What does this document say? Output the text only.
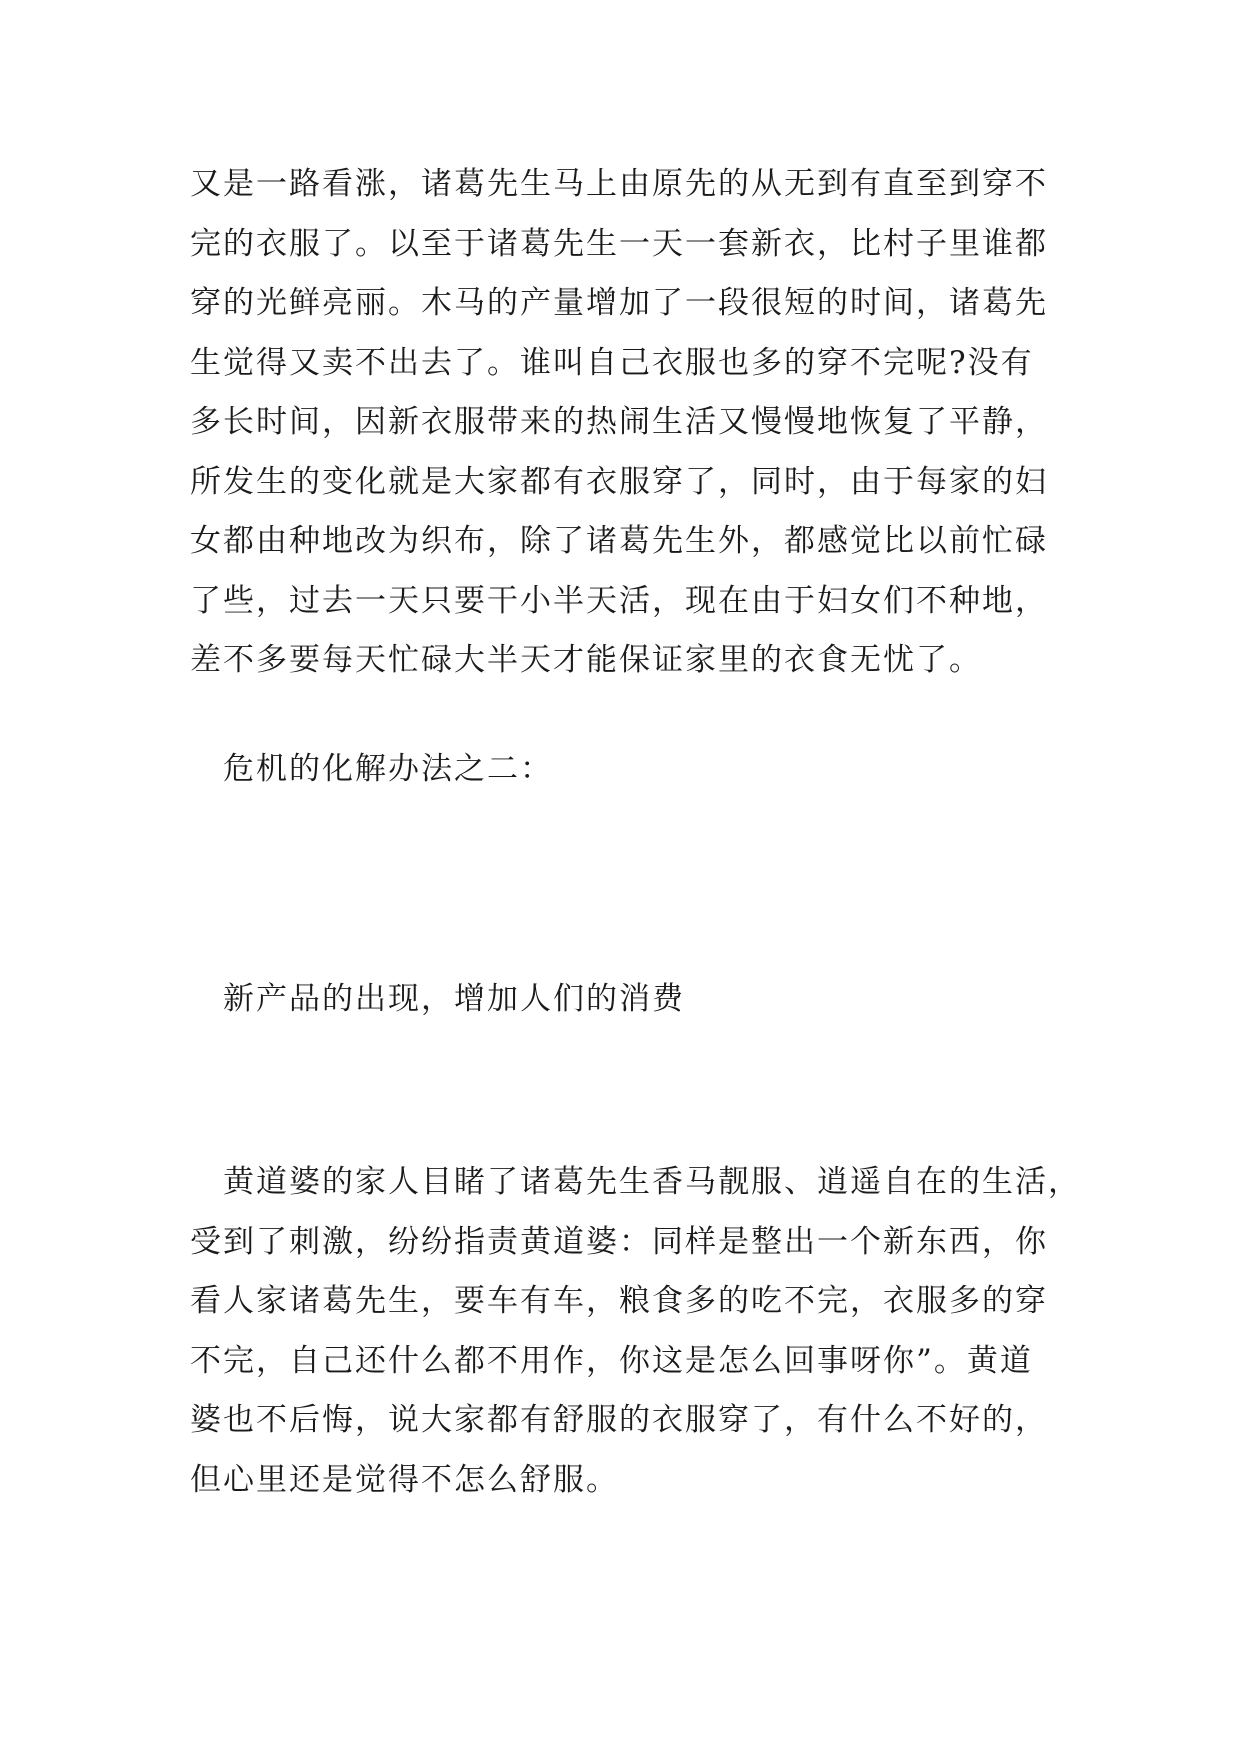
又是一路看涨，诸葛先生马上由原先的从无到有直至到穿不
完的衣服了。以至于诸葛先生一天一套新衣，比村子里谁都
穿的光鲜亮丽。木马的产量增加了一段很短的时间，诸葛先
生觉得又卖不出去了。谁叫自己衣服也多的穿不完呢?没有
多长时间，因新衣服带来的热闹生活又慢慢地恢复了平静，
所发生的变化就是大家都有衣服穿了，同时，由于每家的妇
女都由种地改为织布，除了诸葛先生外，都感觉比以前忙碌
了些，过去一天只要干小半天活，现在由于妇女们不种地，
差不多要每天忙碌大半天才能保证家里的衣食无忧了。

　危机的化解办法之二：

　新产品的出现，增加人们的消费

　黄道婆的家人目睹了诸葛先生香马靓服、逍遥自在的生活，
受到了刺激，纷纷指责黄道婆：同样是整出一个新东西，你
看人家诸葛先生，要车有车，粮食多的吃不完，衣服多的穿
不完，自己还什么都不用作，你这是怎么回事呀你”。黄道
婆也不后悔，说大家都有舒服的衣服穿了，有什么不好的，
但心里还是觉得不怎么舒服。
